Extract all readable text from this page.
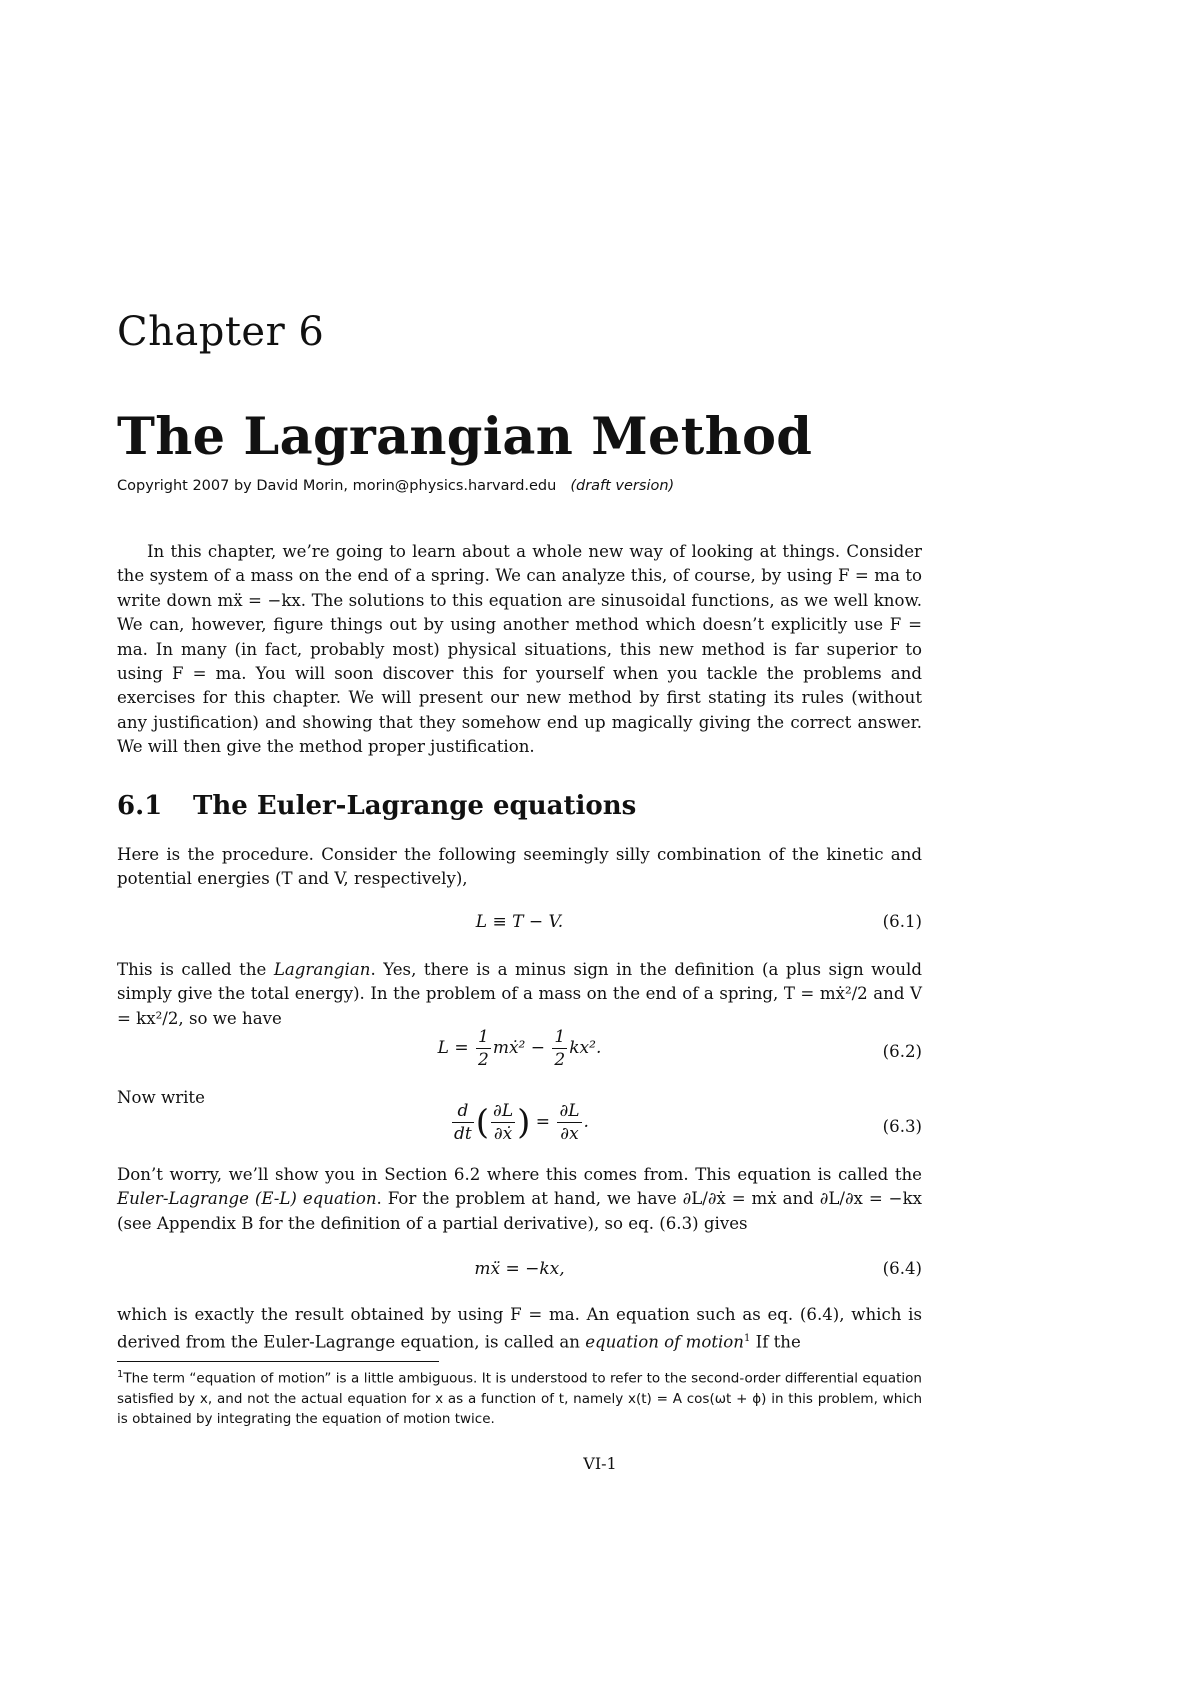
Chapter 6
The Lagrangian Method
Copyright 2007 by David Morin, morin@physics.harvard.edu (draft version)
In this chapter, we’re going to learn about a whole new way of looking at things. Consider the system of a mass on the end of a spring. We can analyze this, of course, by using F = ma to write down mẍ = −kx. The solutions to this equation are sinusoidal functions, as we well know. We can, however, figure things out by using another method which doesn’t explicitly use F = ma. In many (in fact, probably most) physical situations, this new method is far superior to using F = ma. You will soon discover this for yourself when you tackle the problems and exercises for this chapter. We will present our new method by first stating its rules (without any justification) and showing that they somehow end up magically giving the correct answer. We will then give the method proper justification.
6.1 The Euler-Lagrange equations
Here is the procedure. Consider the following seemingly silly combination of the kinetic and potential energies (T and V, respectively),
L ≡ T − V.	(6.1)
This is called the Lagrangian. Yes, there is a minus sign in the definition (a plus sign would simply give the total energy). In the problem of a mass on the end of a spring, T = mẋ²/2 and V = kx²/2, so we have
$L = \frac{1}{2}$ mẋ² − $\frac{1}{2} kx^2$.	(6.2)
Now write
$\frac{d}{dt}$ ( $\frac{\partial L}{\text{∂ẋ}}$ ) = $\frac{\partial L}{\partial x}$ .	(6.3)
Don’t worry, we’ll show you in Section 6.2 where this comes from. This equation is called the Euler-Lagrange (E-L) equation. For the problem at hand, we have ∂L/∂ẋ = mẋ and ∂L/∂x = −kx (see Appendix B for the definition of a partial derivative), so eq. (6.3) gives
mẍ = −kx,	(6.4)
which is exactly the result obtained by using F = ma. An equation such as eq. (6.4), which is derived from the Euler-Lagrange equation, is called an equation of motion$^1$ If the
$^1$The term “equation of motion” is a little ambiguous. It is understood to refer to the second-order differential equation satisfied by x, and not the actual equation for x as a function of t, namely x(t) = A cos(ωt + ϕ) in this problem, which is obtained by integrating the equation of motion twice.
VI-1
